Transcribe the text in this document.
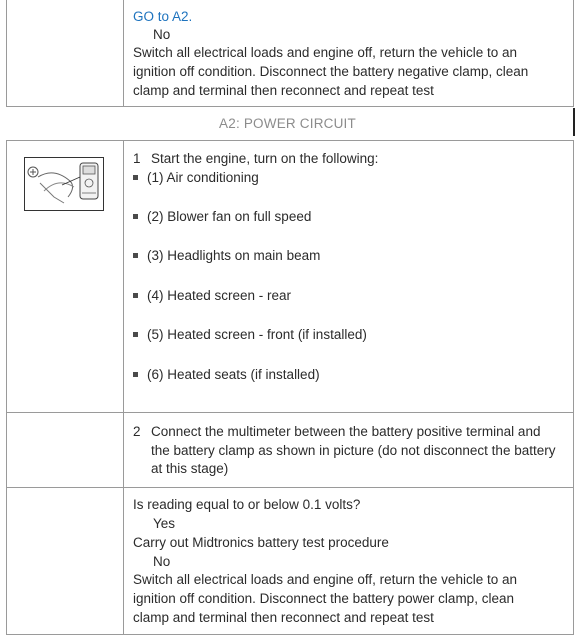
GO to A2.
No
Switch all electrical loads and engine off, return the vehicle to an
ignition off condition. Disconnect the battery negative clamp, clean
clamp and terminal then reconnect and repeat test
A2: POWER CIRCUIT
1 Start the engine, turn on the following:
(1) Air conditioning
(2) Blower fan on full speed
(3) Headlights on main beam
(4) Heated screen - rear
(5) Heated screen - front (if installed)
(6) Heated seats (if installed)
2 Connect the multimeter between the battery positive terminal and
the battery clamp as shown in picture (do not disconnect the battery
at this stage)
Is reading equal to or below 0.1 volts?
Yes
Carry out Midtronics battery test procedure
No
Switch all electrical loads and engine off, return the vehicle to an
ignition off condition. Disconnect the battery power clamp, clean
clamp and terminal then reconnect and repeat test
